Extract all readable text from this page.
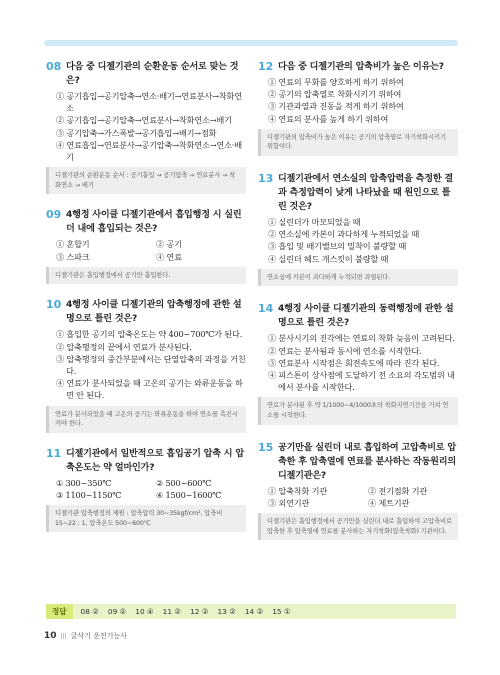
08 다음 중 디젤기관의 순환운동 순서로 맞는 것은?
① 공기흡입→공기압축→연소·배기→연료분사→착화연소
② 공기흡입→공기압축→연료분사→착화연소→배기
③ 공기압축→가스폭발→공기흡입→배기→점화
④ 연료흡입→연료분사→공기압축→착화연소→연소·배기
디젤기관의 순환운동 순서 : 공기흡입 → 공기압축 → 연료분사 → 착화연소 → 배기
09 4행정 사이클 디젤기관에서 흡입행정 시 실린더 내에 흡입되는 것은?
① 혼합기	② 공기
③ 스파크	④ 연료
디젤기관은 흡입행정에서 공기만 흡입한다.
10 4행정 사이클 디젤기관의 압축행정에 관한 설명으로 틀린 것은?
① 흡입한 공기의 압축온도는 약 400~700℃가 된다.
② 압축행정의 끝에서 연료가 분사된다.
③ 압축행정의 중간부분에서는 단열압축의 과정을 거친다.
④ 연료가 분사되었을 때 고온의 공기는 와류운동을 하면 안 된다.
연료가 분사되었을 때 고온의 공기는 와류운동을 하여 연소를 촉진시켜야 한다.
11 디젤기관에서 일반적으로 흡입공기 압축 시 압축온도는 약 얼마인가?
① 300~350℃	② 500~600℃
③ 1100~1150℃	④ 1500~1600℃
디젤기관 압축행정의 제원 : 압축압력 30~35kgf/cm², 압축비 15~22 : 1, 압축온도 500~600℃
12 다음 중 디젤기관의 압축비가 높은 이유는?
① 연료의 무화를 양호하게 하기 위하여
② 공기의 압축열로 착화시키기 위하여
③ 기관과열과 진동을 적게 하기 위하여
④ 연료의 분사를 높게 하기 위하여
디젤기관의 압축비가 높은 이유는 공기의 압축열로 자기착화시키기 위함이다.
13 디젤기관에서 연소실의 압축압력을 측정한 결과 측정압력이 낮게 나타났을 때 원인으로 틀린 것은?
① 실린더가 마모되었을 때
② 연소실에 카본이 과다하게 누적되었을 때
③ 흡입 및 배기밸브의 밀착이 불량할 때
④ 실린더 헤드 개스킷이 불량할 때
연소실에 카본이 과다하게 누적되면 과열된다.
14 4행정 사이클 디젤기관의 동력행정에 관한 설명으로 틀린 것은?
① 분사시기의 진각에는 연료의 착화 늦음이 고려된다.
② 연료는 분사됨과 동시에 연소를 시작한다.
③ 연료분사 시작점은 회전속도에 따라 진각 된다.
④ 피스톤이 상사점에 도달하기 전 소요의 각도범위 내에서 분사를 시작한다.
연료가 분사된 후 약 1/1000~4/1000초의 착화지연기간을 거쳐 연소를 시작한다.
15 공기만을 실린더 내로 흡입하여 고압축비로 압축한 후 압축열에 연료를 분사하는 작동원리의 디젤기관은?
① 압축착화 기관	② 전기점화 기관
③ 외연기관	④ 제트기관
디젤기관은 흡입행정에서 공기만을 실린더 내로 흡입하여 고압축비로 압축한 후 압축열에 연료를 분사하는 자기착화(압축착화) 기관이다.
정답	08 ② 09 ② 10 ④ 11 ② 12 ② 13 ② 14 ② 15 ①
10 ||| 굴삭기 운전기능사
